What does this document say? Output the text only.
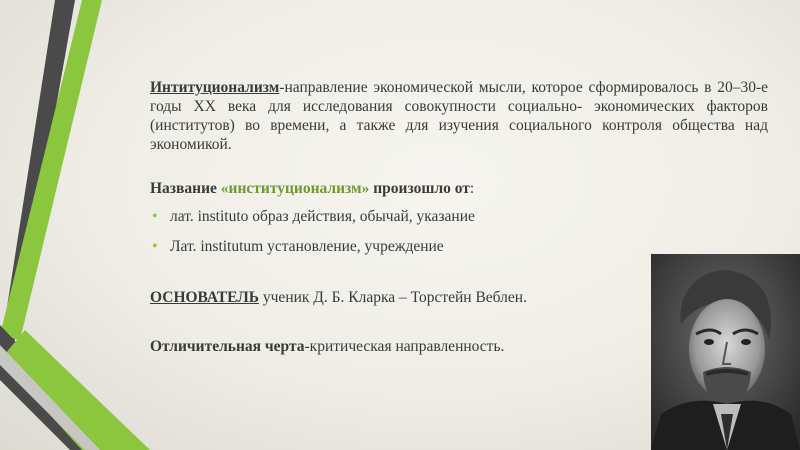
Интитуционализм-направление экономической мысли, которое сформировалось в 20–30-е годы XX века для исследования совокупности социально- экономических факторов (институтов) во времени, а также для изучения социального контроля общества над экономикой.

Название «институционализм» произошло от:
• лат. instituto образ действия, обычай, указание
• Лат. institutum установление, учреждение
ОСНОВАТЕЛЬ ученик Д. Б. Кларка – Торстейн Веблен.
Отличительная черта-критическая направленность.
